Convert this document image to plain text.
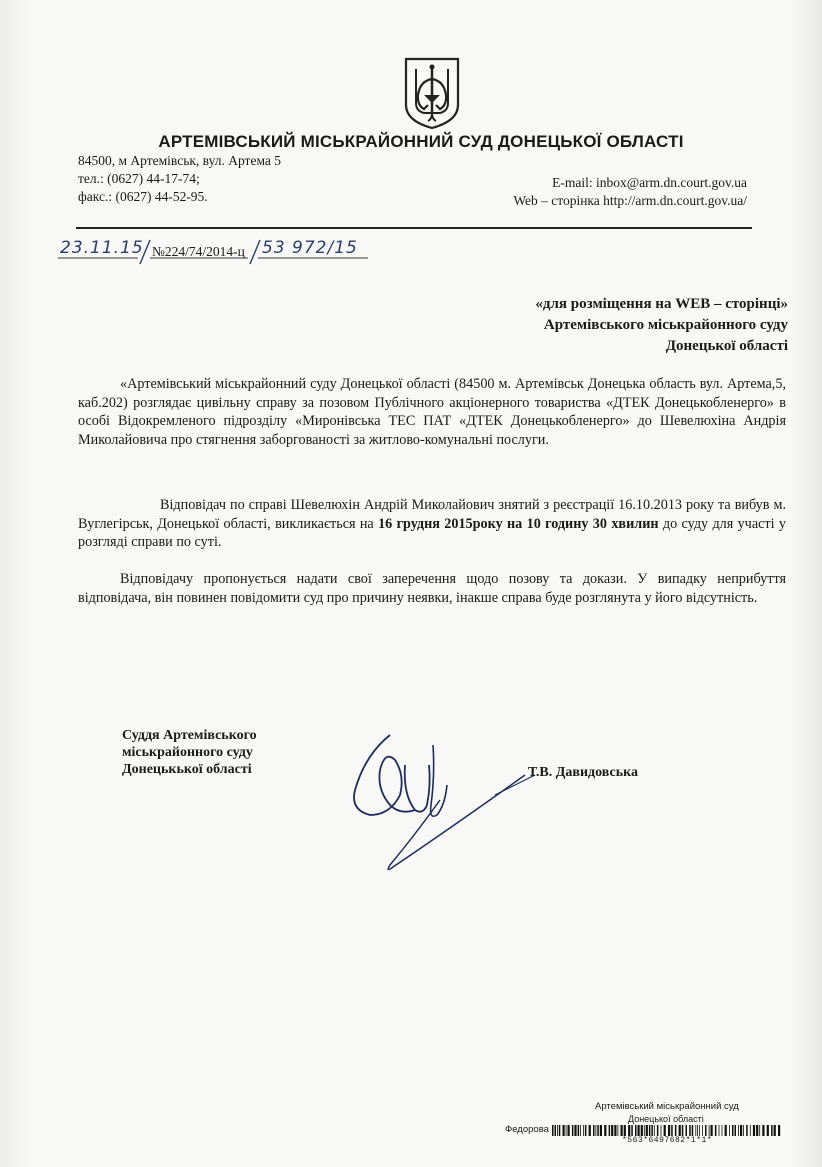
АРТЕМІВСЬКИЙ МІСЬКРАЙОННИЙ СУД ДОНЕЦЬКОЇ ОБЛАСТІ
84500, м Артемівськ, вул. Артема 5
тел.: (0627) 44-17-74;
факс.: (0627) 44-52-95.
E-mail: inbox@arm.dn.court.gov.ua
Web – сторінка http://arm.dn.court.gov.ua/
23.11.15 №224/74/2014-ц 53 972/15
«для розміщення на WEB – сторінці»
Артемівського міськрайонного суду
Донецької області

«Артемівський міськрайонний суду Донецької області (84500 м. Артемівськ Донецька область вул. Артема,5, каб.202) розглядає цивільну справу за позовом Публічного акціонерного товариства «ДТЕК Донецькобленерго» в особі Відокремленого підрозділу «Миронівська ТЕС ПАТ «ДТЕК Донецькобленерго» до Шевелюхіна Андрія Миколайовича про стягнення заборгованості за житлово-комунальні послуги.

Відповідач по справі Шевелюхін Андрій Миколайович знятий з реєстрації 16.10.2013 року та вибув м. Вуглегірськ, Донецької області, викликається на 16 грудня 2015року на 10 годину 30 хвилин до суду для участі у розгляді справи по суті.

Відповідачу пропонується надати свої заперечення щодо позову та докази. У випадку неприбуття відповідача, він повинен повідомити суд про причину неявки, інакше справа буде розглянута у його відсутність.

Суддя Артемівського
міськрайонного суду
Донецькької області	Т.В. Давидовська
Артемівський міськрайонний суд
Донецької області
Федорова
*563*6497682*1*1*
